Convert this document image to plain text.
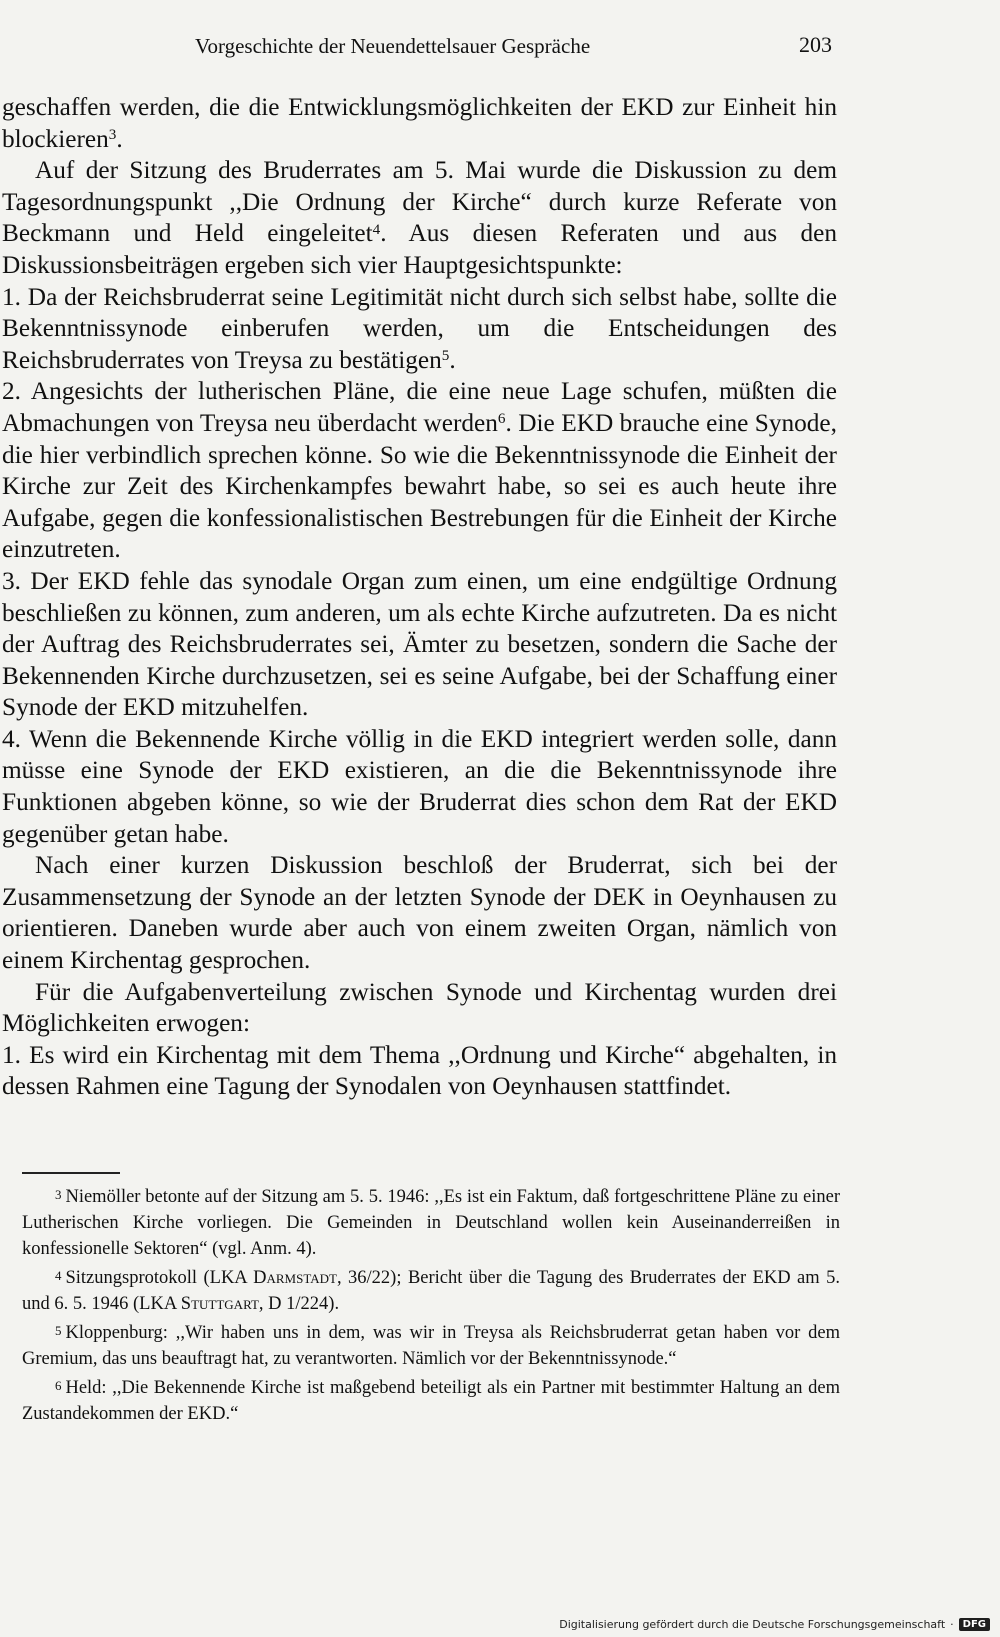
Vorgeschichte der Neuendettelsauer Gespräche	203

geschaffen werden, die die Entwicklungsmöglichkeiten der EKD zur Einheit hin blockieren$^3$.

Auf der Sitzung des Bruderrates am 5. Mai wurde die Diskussion zu dem Tagesordnungspunkt ,,Die Ordnung der Kirche“ durch kurze Referate von Beckmann und Held eingeleitet$^4$. Aus diesen Referaten und aus den Diskussionsbeiträgen ergeben sich vier Hauptgesichtspunkte:

1. Da der Reichsbruderrat seine Legitimität nicht durch sich selbst habe, sollte die Bekenntnissynode einberufen werden, um die Entscheidungen des Reichsbruderrates von Treysa zu bestätigen$^5$.

2. Angesichts der lutherischen Pläne, die eine neue Lage schufen, müßten die Abmachungen von Treysa neu überdacht werden$^6$. Die EKD brauche eine Synode, die hier verbindlich sprechen könne. So wie die Bekenntnissynode die Einheit der Kirche zur Zeit des Kirchenkampfes bewahrt habe, so sei es auch heute ihre Aufgabe, gegen die konfessionalistischen Bestrebungen für die Einheit der Kirche einzutreten.

3. Der EKD fehle das synodale Organ zum einen, um eine endgültige Ordnung beschließen zu können, zum anderen, um als echte Kirche aufzutreten. Da es nicht der Auftrag des Reichsbruderrates sei, Ämter zu besetzen, sondern die Sache der Bekennenden Kirche durchzusetzen, sei es seine Aufgabe, bei der Schaffung einer Synode der EKD mitzuhelfen.

4. Wenn die Bekennende Kirche völlig in die EKD integriert werden solle, dann müsse eine Synode der EKD existieren, an die die Bekenntnissynode ihre Funktionen abgeben könne, so wie der Bruderrat dies schon dem Rat der EKD gegenüber getan habe.

Nach einer kurzen Diskussion beschloß der Bruderrat, sich bei der Zusammensetzung der Synode an der letzten Synode der DEK in Oeynhausen zu orientieren. Daneben wurde aber auch von einem zweiten Organ, nämlich von einem Kirchentag gesprochen.

Für die Aufgabenverteilung zwischen Synode und Kirchentag wurden drei Möglichkeiten erwogen:

1. Es wird ein Kirchentag mit dem Thema ,,Ordnung und Kirche“ abgehalten, in dessen Rahmen eine Tagung der Synodalen von Oeynhausen stattfindet.

$^3$ Niemöller betonte auf der Sitzung am 5. 5. 1946: ,,Es ist ein Faktum, daß fortgeschrittene Pläne zu einer Lutherischen Kirche vorliegen. Die Gemeinden in Deutschland wollen kein Auseinanderreißen in konfessionelle Sektoren“ (vgl. Anm. 4).

$^4$ Sitzungsprotokoll (LKA Darmstadt, 36/22); Bericht über die Tagung des Bruderrates der EKD am 5. und 6. 5. 1946 (LKA Stuttgart, D 1/224).

$^5$ Kloppenburg: ,,Wir haben uns in dem, was wir in Treysa als Reichsbruderrat getan haben vor dem Gremium, das uns beauftragt hat, zu verantworten. Nämlich vor der Bekenntnissynode.“

$^6$ Held: ,,Die Bekennende Kirche ist maßgebend beteiligt als ein Partner mit bestimmter Haltung an dem Zustandekommen der EKD.“

Digitalisierung gefördert durch die Deutsche Forschungsgemeinschaft · DFG
